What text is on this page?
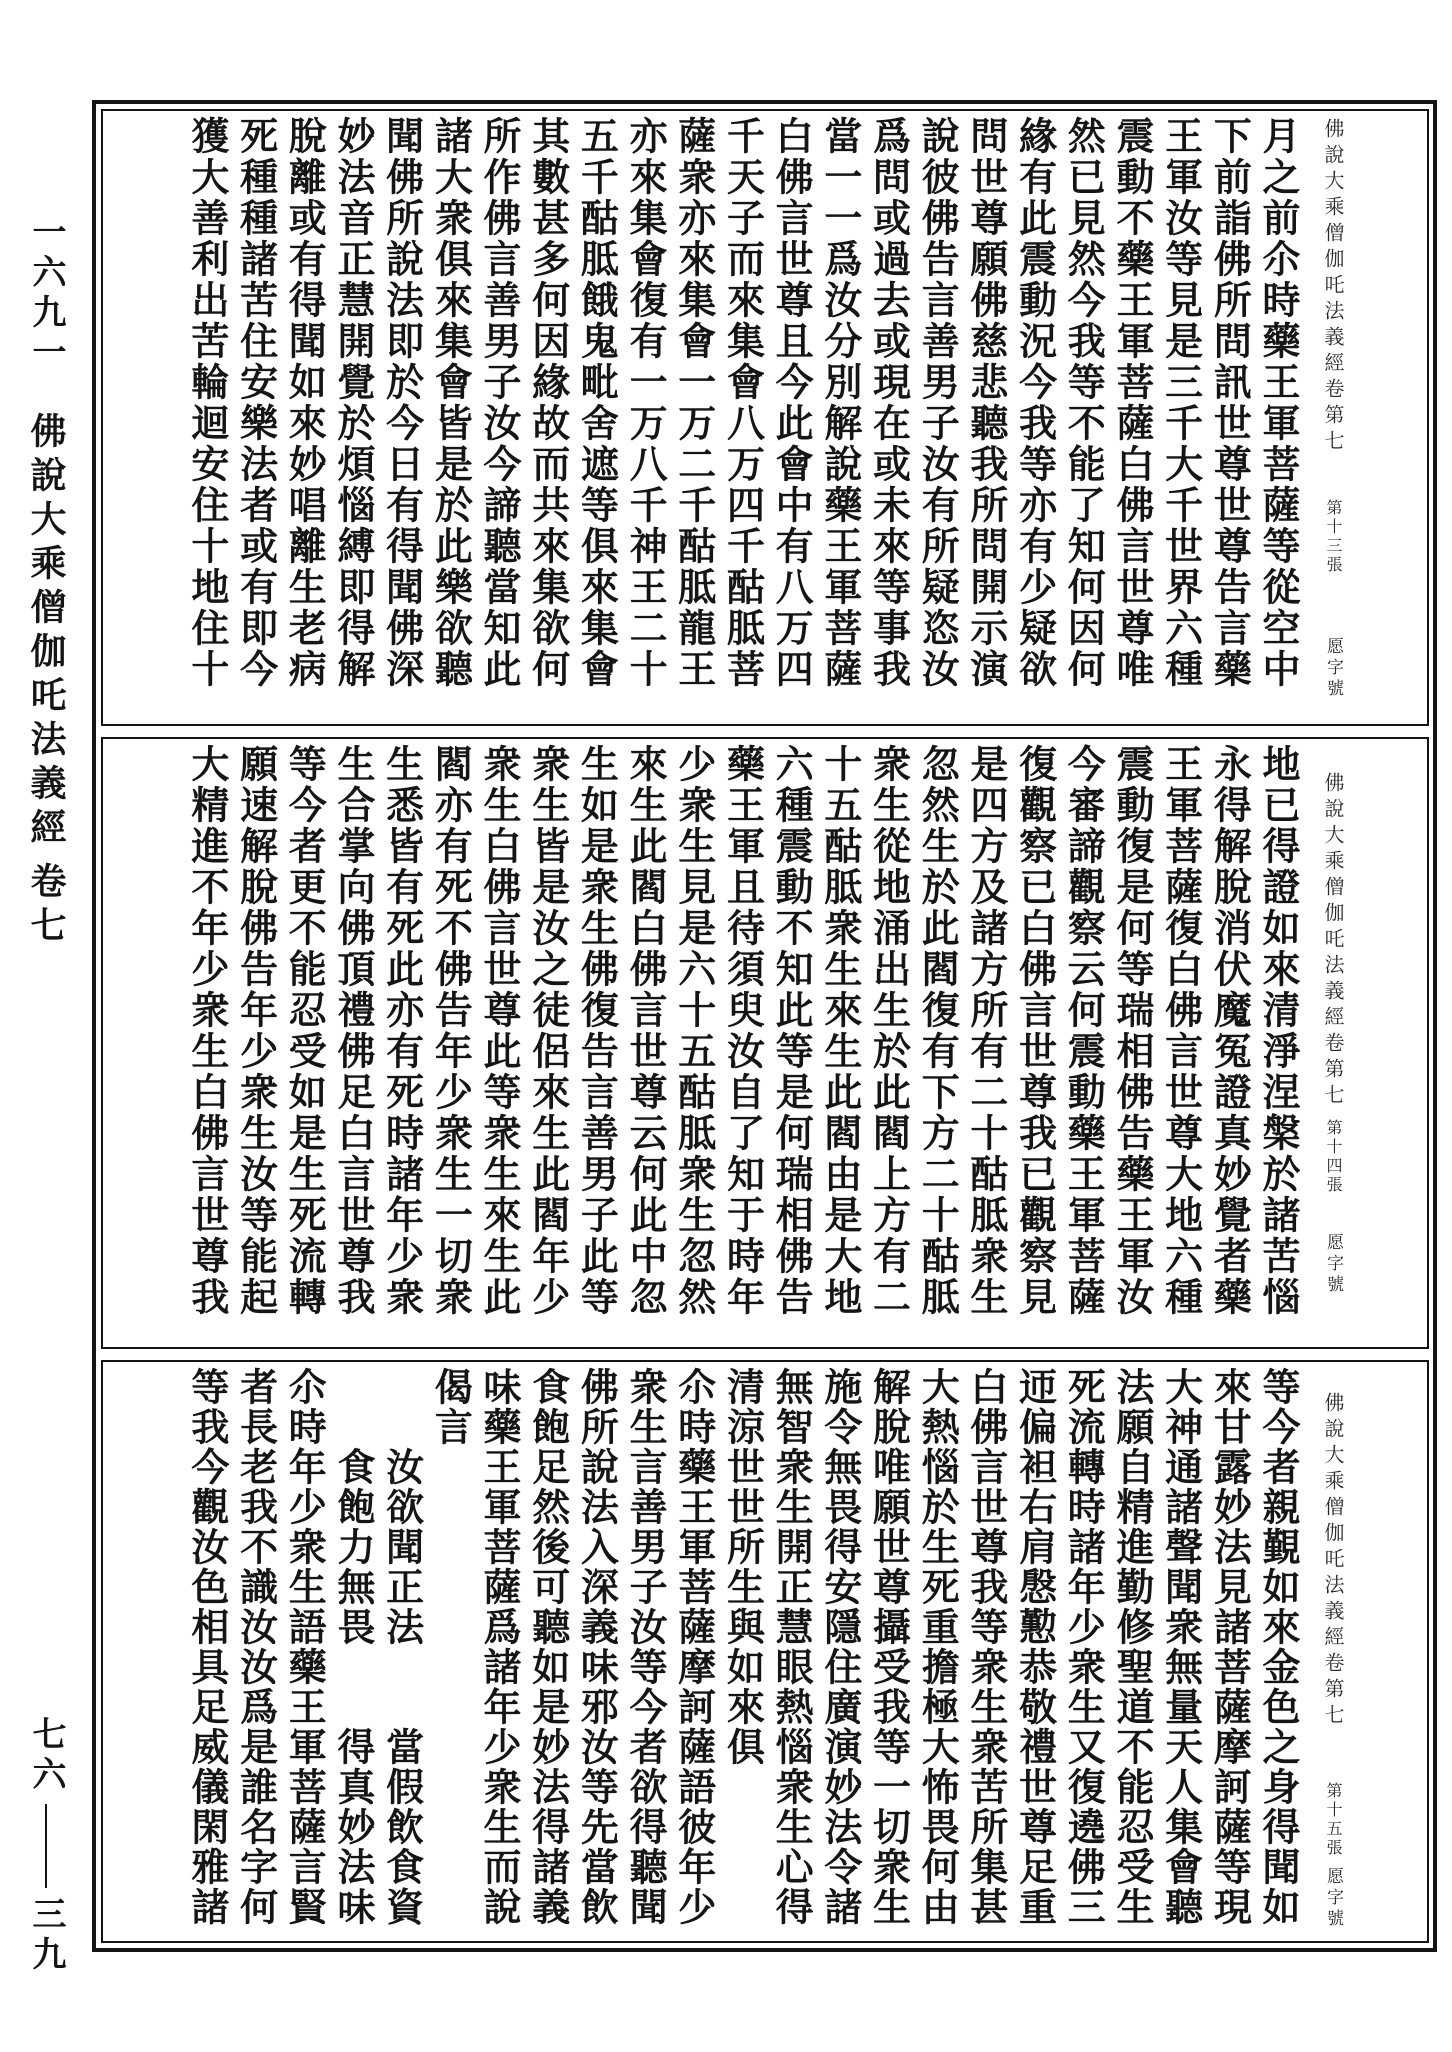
一六九一
佛說大乘僧伽吒法義經
卷七
七六
三九
佛說大乘僧伽吒法義經卷第七
第十三張
愿字號
月之前尒時藥王軍菩薩等從空中
下前詣佛所問訊世尊世尊告言藥
王軍汝等見是三千大千世界六種
震動不藥王軍菩薩白佛言世尊唯
然已見然今我等不能了知何因何
緣有此震動況今我等亦有少疑欲
問世尊願佛慈悲聽我所問開示演
說彼佛告言善男子汝有所疑恣汝
爲問或過去或現在或未來等事我
當一一爲汝分別解說藥王軍菩薩
白佛言世尊且今此會中有八万四
千天子而來集會八万四千酤胝菩
薩衆亦來集會一万二千酤胝龍王
亦來集會復有一万八千神王二十
五千酤胝餓鬼毗舍遮等俱來集會
其數甚多何因緣故而共來集欲何
所作佛言善男子汝今諦聽當知此
諸大衆俱來集會皆是於此樂欲聽
聞佛所說法即於今日有得聞佛深
妙法音正慧開覺於煩惱縛即得解
脫離或有得聞如來妙唱離生老病
死種種諸苦住安樂法者或有即今
獲大善利出苦輪迴安住十地住十
佛說大乘僧伽吒法義經卷第七
第十四張
愿字號
地已得證如來清淨涅槃於諸苦惱
永得解脫消伏魔冤證真妙覺者藥
王軍菩薩復白佛言世尊大地六種
震動復是何等瑞相佛告藥王軍汝
今審諦觀察云何震動藥王軍菩薩
復觀察已白佛言世尊我已觀察見
是四方及諸方所有二十酤胝衆生
忽然生於此閻復有下方二十酤胝
衆生從地涌出生於此閻上方有二
十五酤胝衆生來生此閻由是大地
六種震動不知此等是何瑞相佛告
藥王軍且待須臾汝自了知于時年
少衆生見是六十五酤胝衆生忽然
來生此閻白佛言世尊云何此中忽
生如是衆生佛復告言善男子此等
衆生皆是汝之徒侶來生此閻年少
衆生白佛言世尊此等衆生來生此
閻亦有死不佛告年少衆生一切衆
生悉皆有死此亦有死時諸年少衆
生合掌向佛頂禮佛足白言世尊我
等今者更不能忍受如是生死流轉
願速解脫佛告年少衆生汝等能起
大精進不年少衆生白佛言世尊我
佛說大乘僧伽吒法義經卷第七
第十五張
愿字號
等今者親覲如來金色之身得聞如
來甘露妙法見諸菩薩摩訶薩等現
大神通諸聲聞衆無量天人集會聽
法願自精進勤修聖道不能忍受生
死流轉時諸年少衆生又復遶佛三
迊偏袒右肩慇懃恭敬禮世尊足重
白佛言世尊我等衆生衆苦所集甚
大熱惱於生死重擔極大怖畏何由
解脫唯願世尊攝受我等一切衆生
施令無畏得安隱住廣演妙法令諸
無智衆生開正慧眼熱惱衆生心得
清涼世世所生與如來俱
尒時藥王軍菩薩摩訶薩語彼年少
衆生言善男子汝等今者欲得聽聞
佛所說法入深義味邪汝等先當飲
食飽足然後可聽如是妙法得諸義
味藥王軍菩薩爲諸年少衆生而說
偈言
汝欲聞正法當假飲食資
食飽力無畏得真妙法味
尒時年少衆生語藥王軍菩薩言賢
者長老我不識汝汝爲是誰名字何
等我今觀汝色相具足威儀閑雅諸
